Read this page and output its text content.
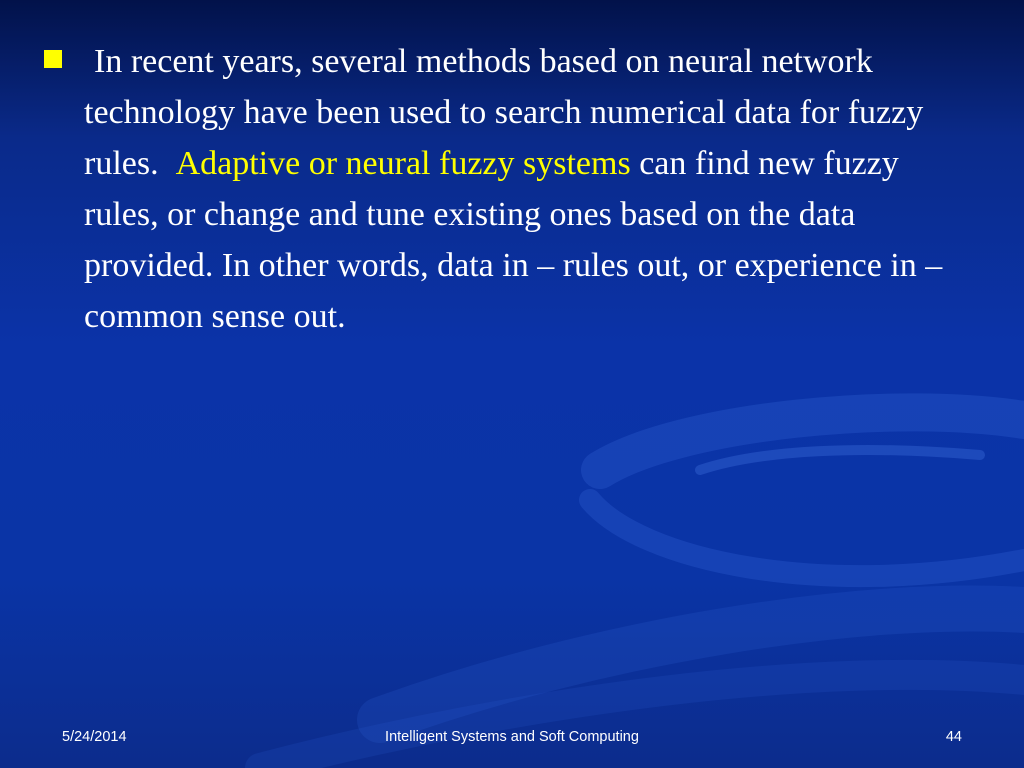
In recent years, several methods based on neural network technology have been used to search numerical data for fuzzy rules. Adaptive or neural fuzzy systems can find new fuzzy rules, or change and tune existing ones based on the data provided. In other words, data in – rules out, or experience in – common sense out.

5/24/2014	Intelligent Systems and Soft Computing	44
